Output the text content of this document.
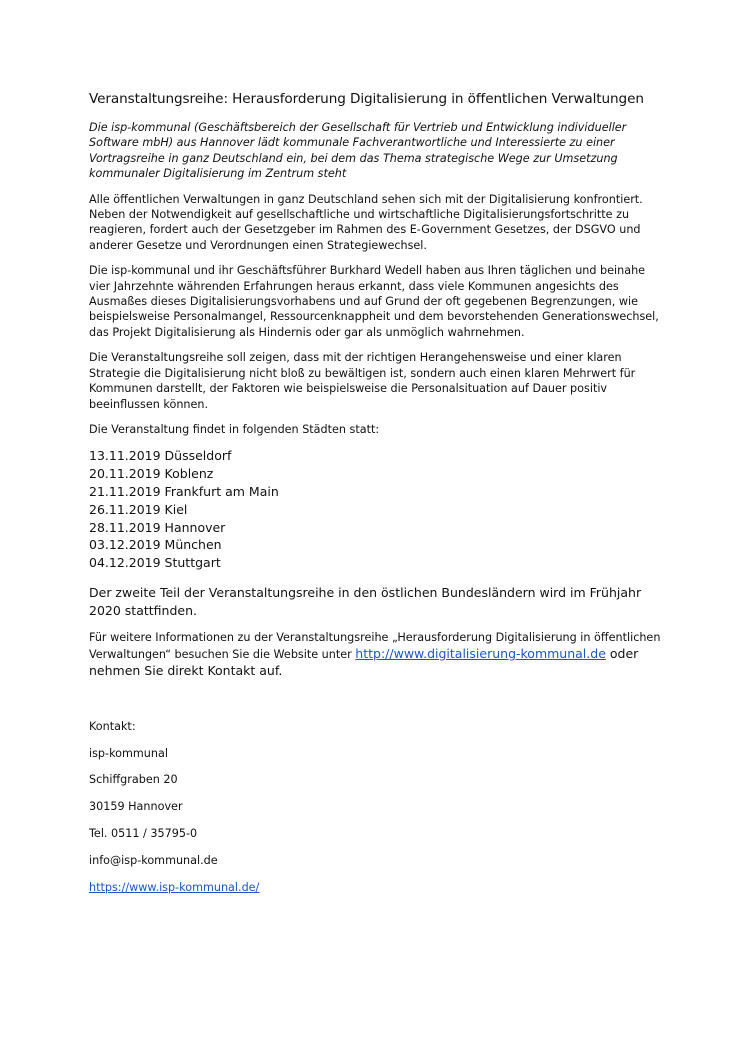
Veranstaltungsreihe: Herausforderung Digitalisierung in öffentlichen Verwaltungen

Die isp-kommunal (Geschäftsbereich der Gesellschaft für Vertrieb und Entwicklung individueller Software mbH) aus Hannover lädt kommunale Fachverantwortliche und Interessierte zu einer Vortragsreihe in ganz Deutschland ein, bei dem das Thema strategische Wege zur Umsetzung kommunaler Digitalisierung im Zentrum steht

Alle öffentlichen Verwaltungen in ganz Deutschland sehen sich mit der Digitalisierung konfrontiert. Neben der Notwendigkeit auf gesellschaftliche und wirtschaftliche Digitalisierungsfortschritte zu reagieren, fordert auch der Gesetzgeber im Rahmen des E-Government Gesetzes, der DSGVO und anderer Gesetze und Verordnungen einen Strategiewechsel.

Die isp-kommunal und ihr Geschäftsführer Burkhard Wedell haben aus Ihren täglichen und beinahe vier Jahrzehnte währenden Erfahrungen heraus erkannt, dass viele Kommunen angesichts des Ausmaßes dieses Digitalisierungsvorhabens und auf Grund der oft gegebenen Begrenzungen, wie beispielsweise Personalmangel, Ressourcenknappheit und dem bevorstehenden Generationswechsel, das Projekt Digitalisierung als Hindernis oder gar als unmöglich wahrnehmen.

Die Veranstaltungsreihe soll zeigen, dass mit der richtigen Herangehensweise und einer klaren Strategie die Digitalisierung nicht bloß zu bewältigen ist, sondern auch einen klaren Mehrwert für Kommunen darstellt, der Faktoren wie beispielsweise die Personalsituation auf Dauer positiv beeinflussen können.

Die Veranstaltung findet in folgenden Städten statt:

13.11.2019 Düsseldorf
20.11.2019 Koblenz
21.11.2019 Frankfurt am Main
26.11.2019 Kiel
28.11.2019 Hannover
03.12.2019 München
04.12.2019 Stuttgart

Der zweite Teil der Veranstaltungsreihe in den östlichen Bundesländern wird im Frühjahr 2020 stattfinden.

Für weitere Informationen zu der Veranstaltungsreihe „Herausforderung Digitalisierung in öffentlichen Verwaltungen“ besuchen Sie die Website unter http://www.digitalisierung-kommunal.de oder nehmen Sie direkt Kontakt auf.

Kontakt:

isp-kommunal

Schiffgraben 20

30159 Hannover

Tel. 0511 / 35795-0

info@isp-kommunal.de

https://www.isp-kommunal.de/
